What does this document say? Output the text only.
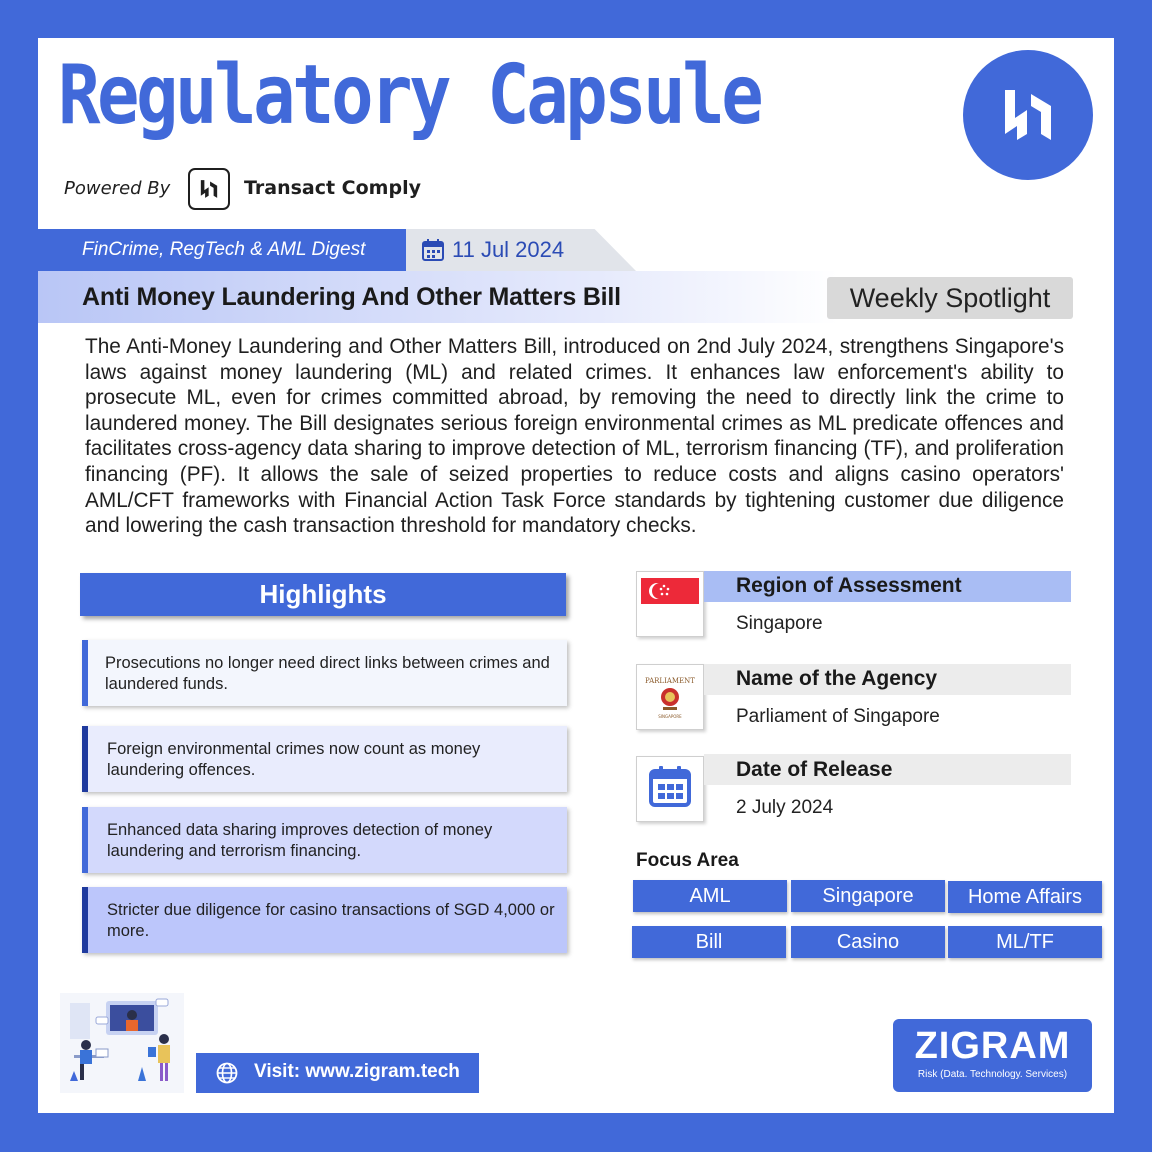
Regulatory Capsule
Powered By	Transact Comply
FinCrime, RegTech & AML Digest	11 Jul 2024
Anti Money Laundering And Other Matters Bill	Weekly Spotlight
The Anti-Money Laundering and Other Matters Bill, introduced on 2nd July 2024, strengthens Singapore's laws against money laundering (ML) and related crimes. It enhances law enforcement's ability to prosecute ML, even for crimes committed abroad, by removing the need to directly link the crime to laundered money. The Bill designates serious foreign environmental crimes as ML predicate offences and facilitates cross-agency data sharing to improve detection of ML, terrorism financing (TF), and proliferation financing (PF). It allows the sale of seized properties to reduce costs and aligns casino operators' AML/CFT frameworks with Financial Action Task Force standards by tightening customer due diligence and lowering the cash transaction threshold for mandatory checks.
Highlights
Prosecutions no longer need direct links between crimes and laundered funds.
Foreign environmental crimes now count as money laundering offences.
Enhanced data sharing improves detection of money laundering and terrorism financing.
Stricter due diligence for casino transactions of SGD 4,000 or more.
Region of Assessment
Singapore
PARLIAMENT
SINGAPORE
Name of the Agency
Parliament of Singapore
Date of Release
2 July 2024
Focus Area
AML	Singapore	Home Affairs
Bill	Casino	ML/TF
Visit: www.zigram.tech
ZIGRAM
Risk (Data. Technology. Services)
